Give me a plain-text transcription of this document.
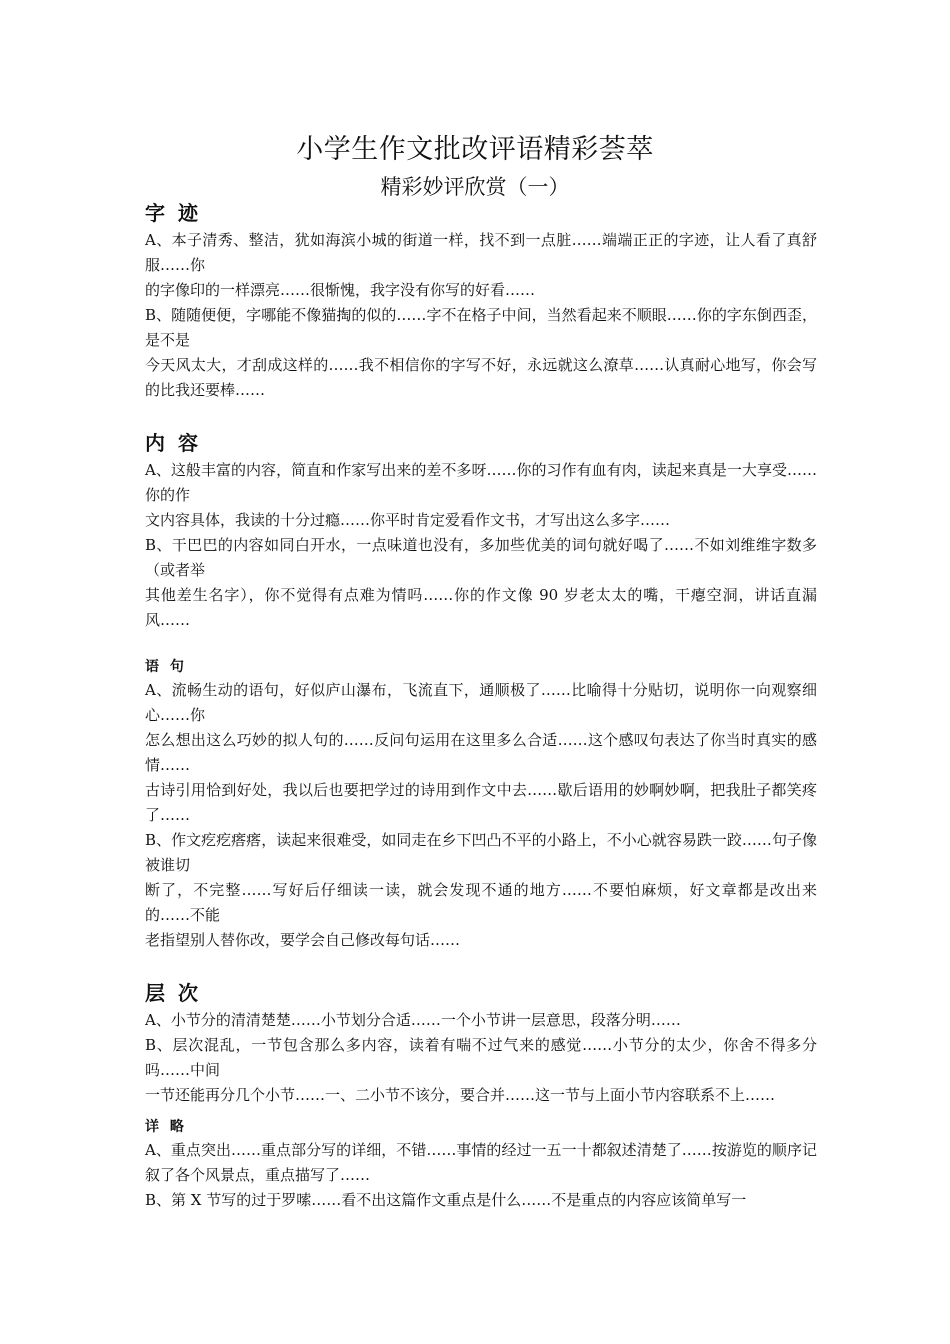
小学生作文批改评语精彩荟萃
精彩妙评欣赏（一）
字 迹

A、本子清秀、整洁，犹如海滨小城的街道一样，找不到一点脏……端端正正的字迹，让人看了真舒服……你

的字像印的一样漂亮……很惭愧，我字没有你写的好看……

B、随随便便，字哪能不像猫掏的似的……字不在格子中间，当然看起来不顺眼……你的字东倒西歪，是不是

今天风太大，才刮成这样的……我不相信你的字写不好，永远就这么潦草……认真耐心地写，你会写的比我还要棒……

内 容

A、这般丰富的内容，简直和作家写出来的差不多呀……你的习作有血有肉，读起来真是一大享受……你的作

文内容具体，我读的十分过瘾……你平时肯定爱看作文书，才写出这么多字……

B、干巴巴的内容如同白开水，一点味道也没有，多加些优美的词句就好喝了……不如刘维维字数多（或者举

其他差生名字），你不觉得有点难为情吗……你的作文像 90 岁老太太的嘴，干瘪空洞，讲话直漏风……

语 句

A、流畅生动的语句，好似庐山瀑布，飞流直下，通顺极了……比喻得十分贴切，说明你一向观察细心……你

怎么想出这么巧妙的拟人句的……反问句运用在这里多么合适……这个感叹句表达了你当时真实的感情……

古诗引用恰到好处，我以后也要把学过的诗用到作文中去……歇后语用的妙啊妙啊，把我肚子都笑疼了……

B、作文疙疙瘩瘩，读起来很难受，如同走在乡下凹凸不平的小路上，不小心就容易跌一跤……句子像被谁切

断了，不完整……写好后仔细读一读，就会发现不通的地方……不要怕麻烦，好文章都是改出来的……不能

老指望别人替你改，要学会自己修改每句话……

层 次

A、小节分的清清楚楚……小节划分合适……一个小节讲一层意思，段落分明……

B、层次混乱，一节包含那么多内容，读着有喘不过气来的感觉……小节分的太少，你舍不得多分吗……中间

一节还能再分几个小节……一、二小节不该分，要合并……这一节与上面小节内容联系不上……

详 略

A、重点突出……重点部分写的详细，不错……事情的经过一五一十都叙述清楚了……按游览的顺序记叙了各个风景点，重点描写了……

B、第 X 节写的过于罗嗦……看不出这篇作文重点是什么……不是重点的内容应该简单写一
